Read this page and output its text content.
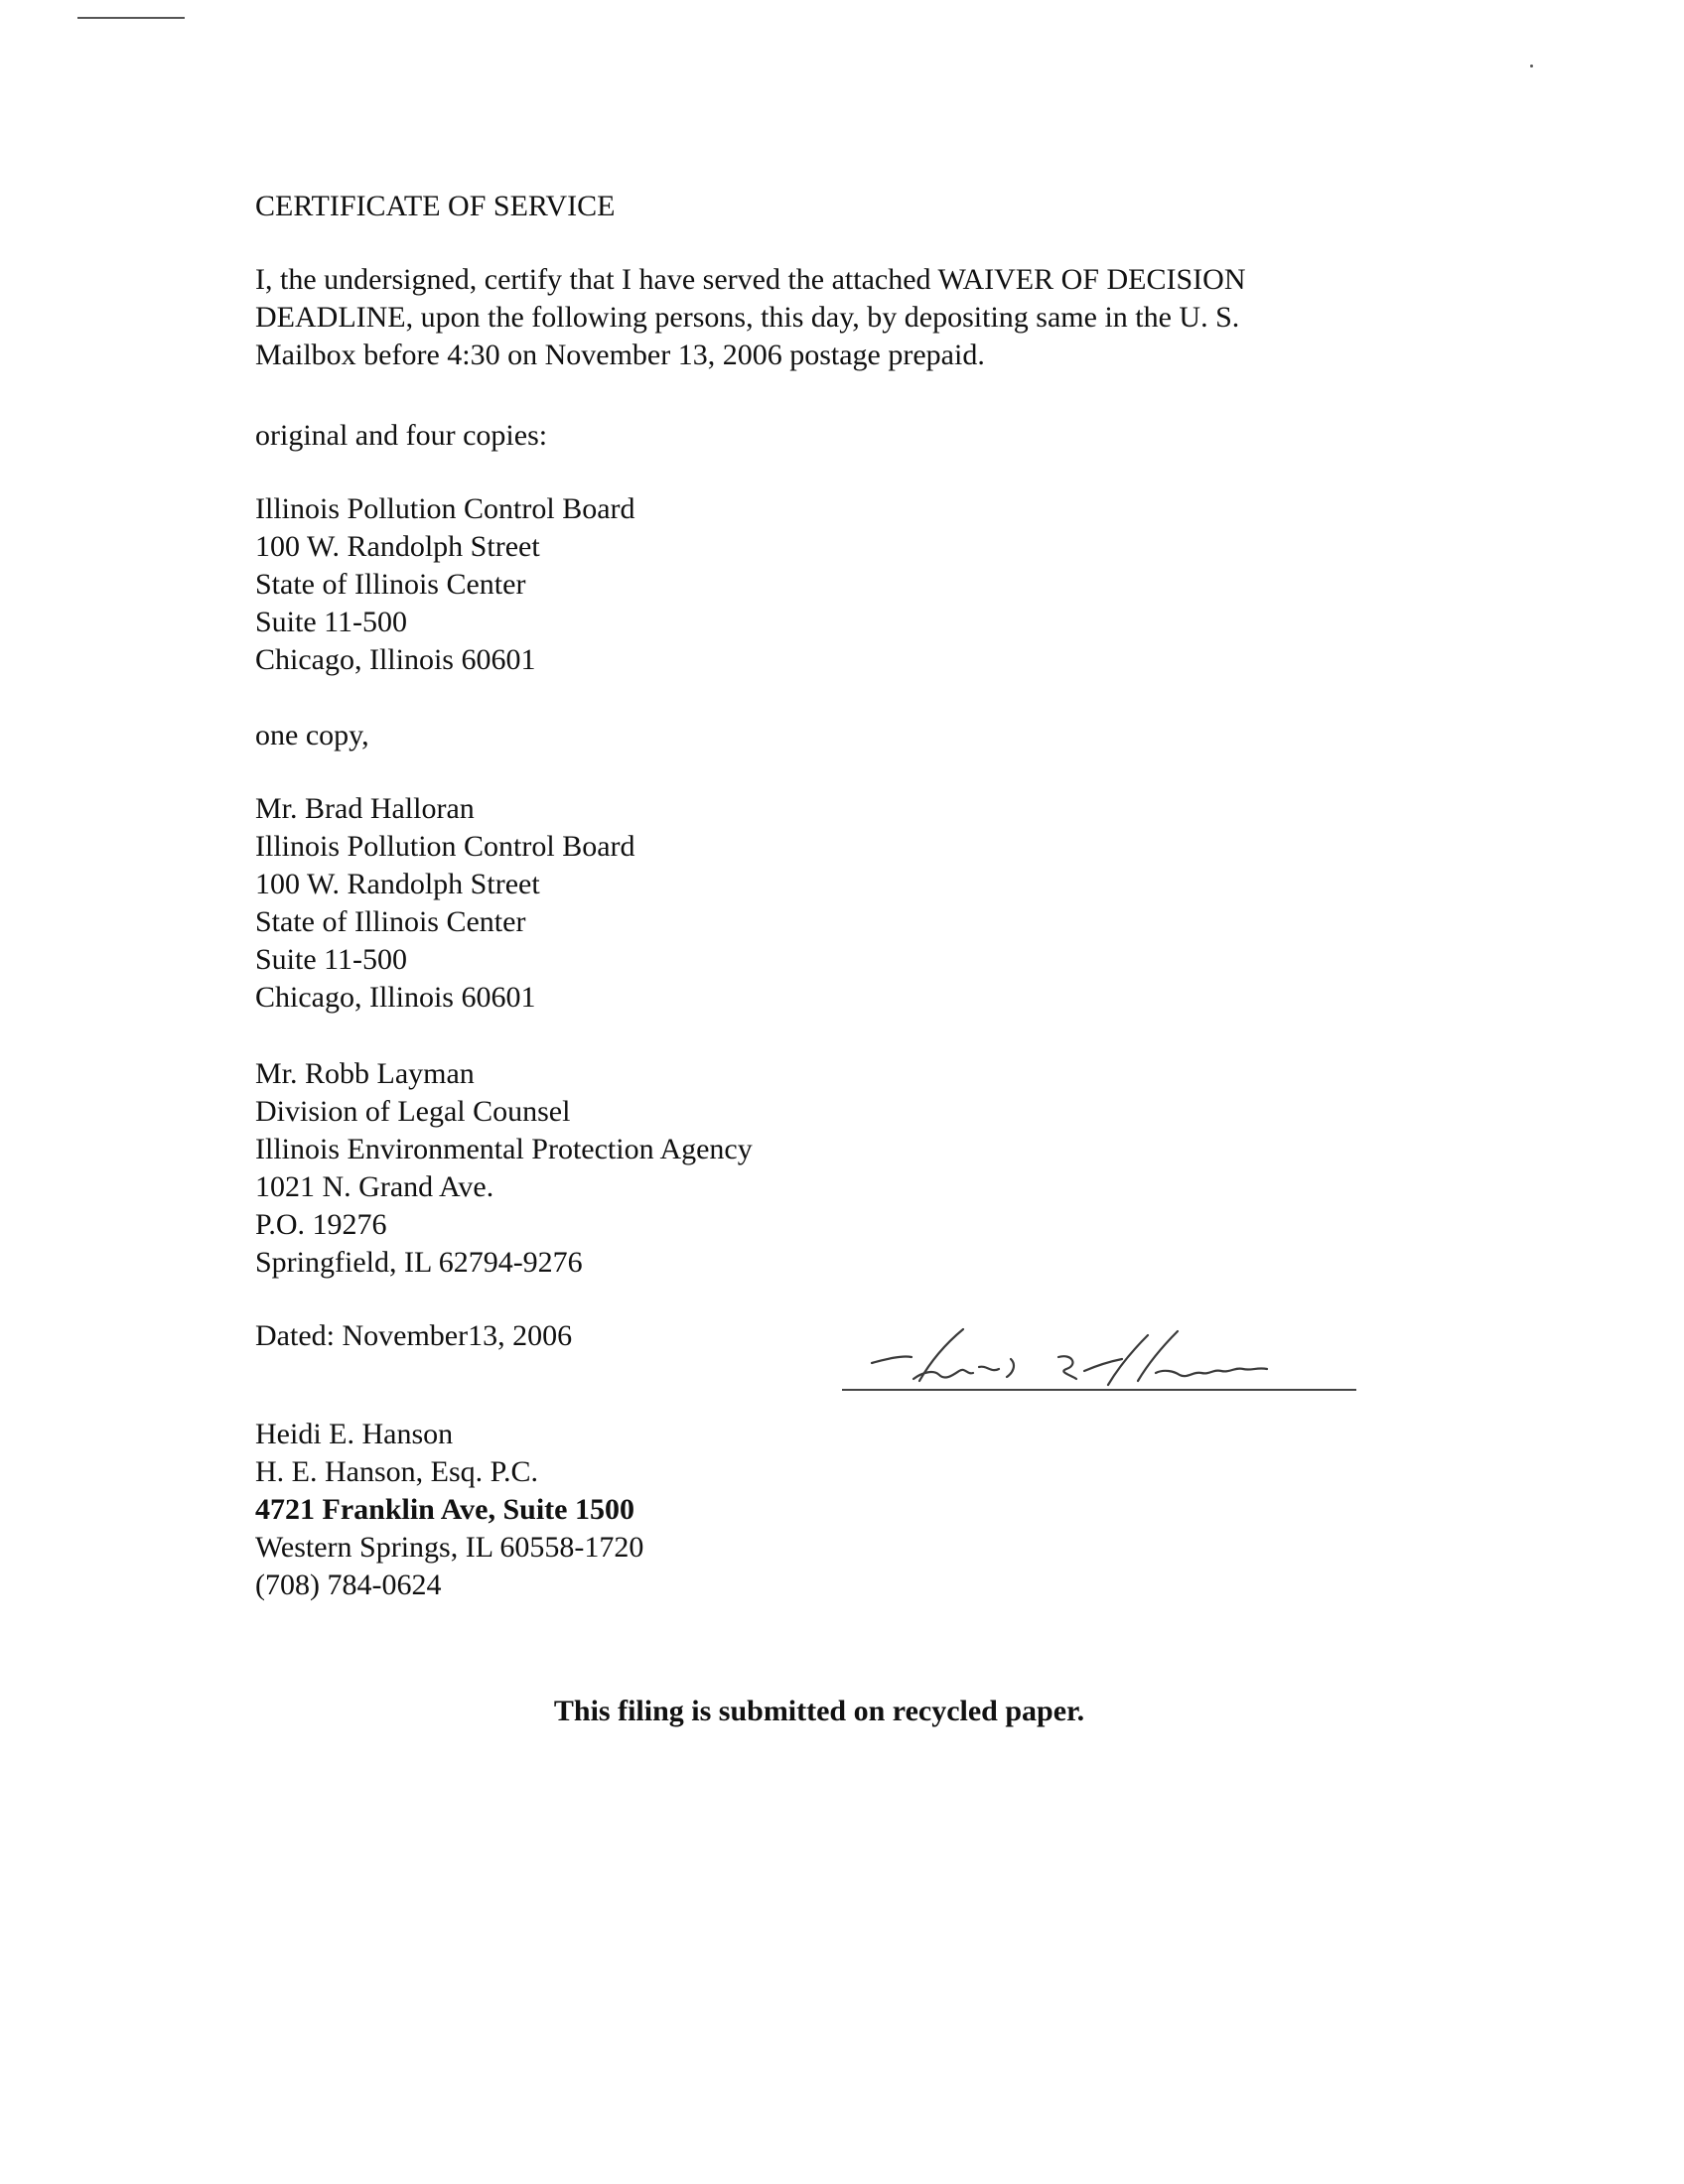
CERTIFICATE OF SERVICE
I, the undersigned, certify that I have served the attached WAIVER OF DECISION
DEADLINE, upon the following persons, this day, by depositing same in the U. S.
Mailbox before 4:30 on November 13, 2006 postage prepaid.
original and four copies:
Illinois Pollution Control Board
100 W. Randolph Street
State of Illinois Center
Suite 11-500
Chicago, Illinois 60601
one copy,
Mr. Brad Halloran
Illinois Pollution Control Board
100 W. Randolph Street
State of Illinois Center
Suite 11-500
Chicago, Illinois 60601
Mr. Robb Layman
Division of Legal Counsel
Illinois Environmental Protection Agency
1021 N. Grand Ave.
P.O. 19276
Springfield, IL 62794-9276
Dated: November13, 2006
Heidi E. Hanson
H. E. Hanson, Esq. P.C.
4721 Franklin Ave, Suite 1500
Western Springs, IL 60558-1720
(708) 784-0624
This filing is submitted on recycled paper.
